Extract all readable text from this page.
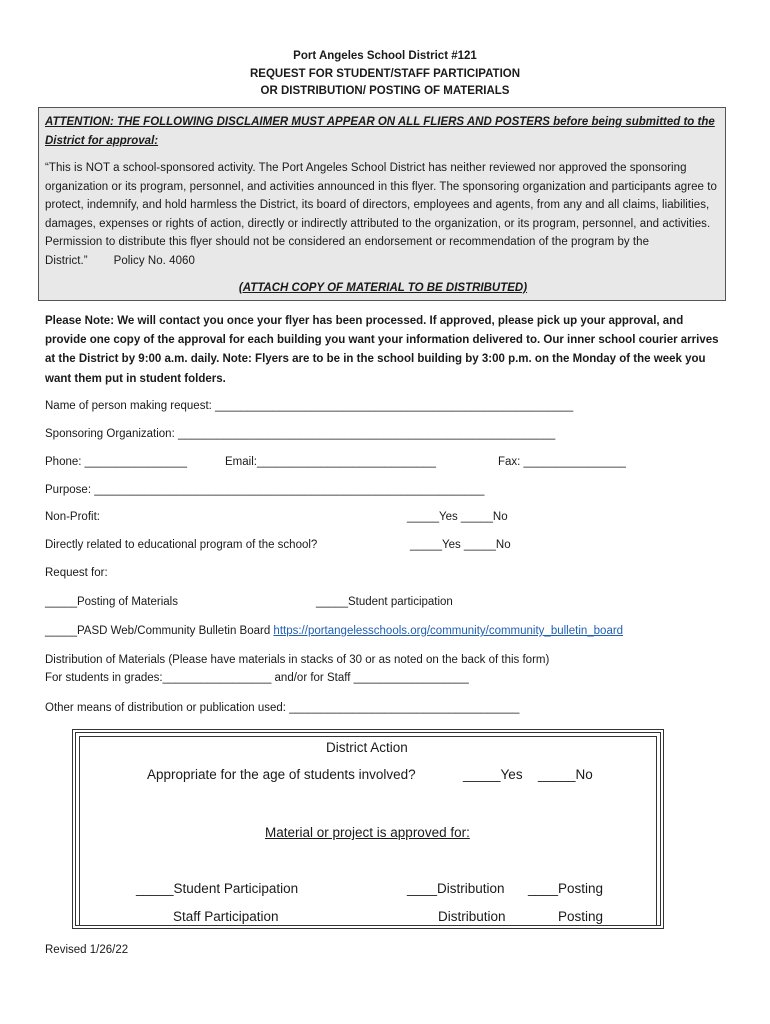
Port Angeles School District #121
REQUEST FOR STUDENT/STAFF PARTICIPATION
OR DISTRIBUTION/ POSTING OF MATERIALS
ATTENTION: THE FOLLOWING DISCLAIMER MUST APPEAR ON ALL FLIERS AND POSTERS before being submitted to the District for approval:
“This is NOT a school-sponsored activity. The Port Angeles School District has neither reviewed nor approved the sponsoring organization or its program, personnel, and activities announced in this flyer. The sponsoring organization and participants agree to protect, indemnify, and hold harmless the District, its board of directors, employees and agents, from any and all claims, liabilities, damages, expenses or rights of action, directly or indirectly attributed to the organization, or its program, personnel, and activities. Permission to distribute this flyer should not be considered an endorsement or recommendation of the program by the District.” Policy No. 4060
(ATTACH COPY OF MATERIAL TO BE DISTRIBUTED)
Please Note: We will contact you once your flyer has been processed. If approved, please pick up your approval, and provide one copy of the approval for each building you want your information delivered to. Our inner school courier arrives at the District by 9:00 a.m. daily. Note: Flyers are to be in the school building by 3:00 p.m. on the Monday of the week you want them put in student folders.
Name of person making request: ________________________________________________________
Sponsoring Organization: ___________________________________________________________
Phone: ________________	Email:____________________________	Fax: ________________
Purpose: _____________________________________________________________
Non-Profit:	_____Yes _____No
Directly related to educational program of the school?	_____Yes _____No
Request for:
_____Posting of Materials	_____Student participation
_____PASD Web/Community Bulletin Board https://portangelesschools.org/community/community_bulletin_board
Distribution of Materials (Please have materials in stacks of 30 or as noted on the back of this form)
For students in grades:_________________ and/or for Staff __________________
Other means of distribution or publication used: ____________________________________
District Action
Appropriate for the age of students involved?	_____Yes _____No
Material or project is approved for:
_____Student Participation	____Distribution ____Posting
Staff Participation	Distribution	Posting
Revised 1/26/22
